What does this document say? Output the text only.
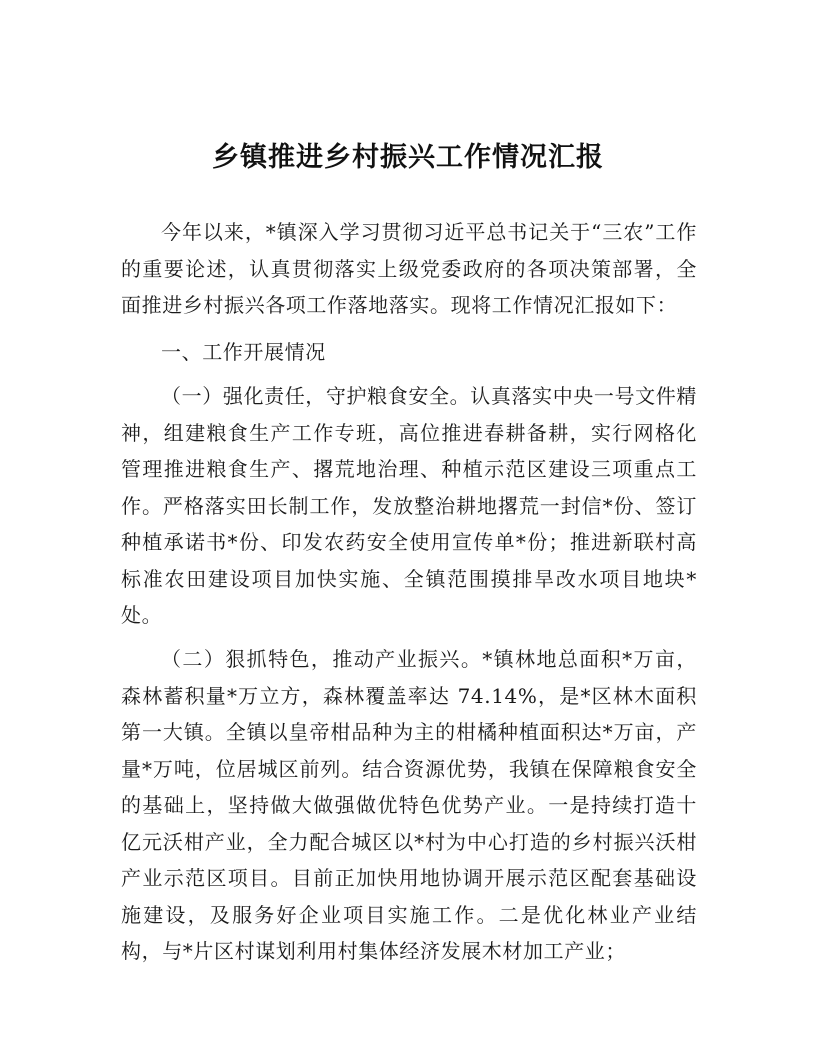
乡镇推进乡村振兴工作情况汇报

今年以来，*镇深入学习贯彻习近平总书记关于“三农”工作的重要论述，认真贯彻落实上级党委政府的各项决策部署，全面推进乡村振兴各项工作落地落实。现将工作情况汇报如下：

一、工作开展情况

（一）强化责任，守护粮食安全。认真落实中央一号文件精神，组建粮食生产工作专班，高位推进春耕备耕，实行网格化管理推进粮食生产、撂荒地治理、种植示范区建设三项重点工作。严格落实田长制工作，发放整治耕地撂荒一封信*份、签订种植承诺书*份、印发农药安全使用宣传单*份；推进新联村高标准农田建设项目加快实施、全镇范围摸排旱改水项目地块*处。

（二）狠抓特色，推动产业振兴。*镇林地总面积*万亩，森林蓄积量*万立方，森林覆盖率达 74.14%，是*区林木面积第一大镇。全镇以皇帝柑品种为主的柑橘种植面积达*万亩，产量*万吨，位居城区前列。结合资源优势，我镇在保障粮食安全的基础上，坚持做大做强做优特色优势产业。一是持续打造十亿元沃柑产业，全力配合城区以*村为中心打造的乡村振兴沃柑产业示范区项目。目前正加快用地协调开展示范区配套基础设施建设，及服务好企业项目实施工作。二是优化林业产业结构，与*片区村谋划利用村集体经济发展木材加工产业；
